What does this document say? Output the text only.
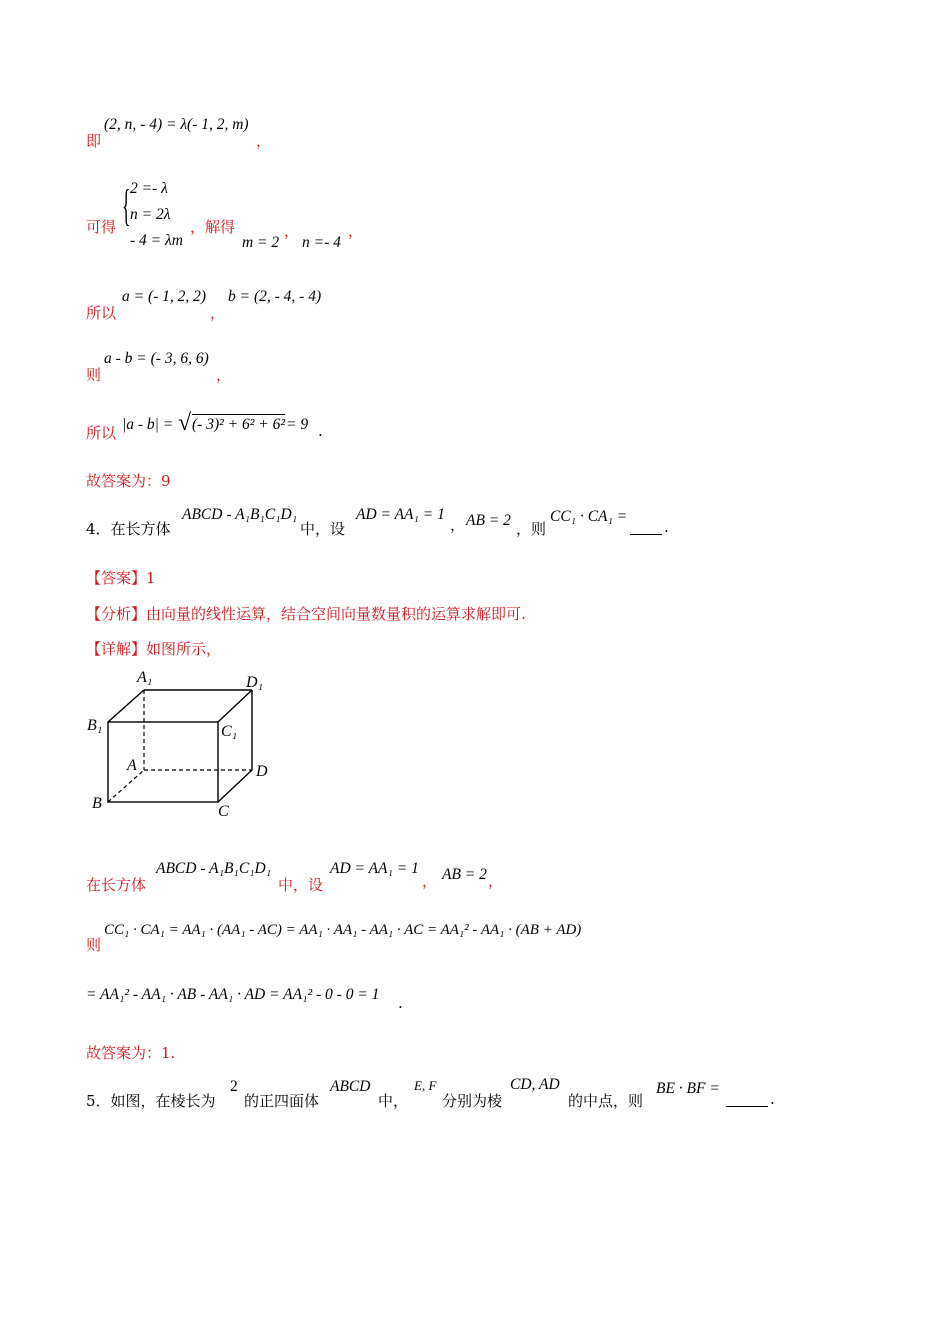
即
(2, n, - 4) = λ(- 1, 2, m)
，
可得 { 2 =- λ
n = 2λ
- 4 = λm
，解得
m = 2
，
n =- 4
，
所以
a = (- 1, 2, 2)
，
b = (2, - 4, - 4)
则
a - b = (- 3, 6, 6)
，
所以 |a - b| = √ (- 3)² + 6² + 6² = 9 .
故答案为：9
4．在长方体
ABCD - A₁B₁C₁D₁
中，设
AD = AA₁ = 1
， AB = 2 ，则
CC₁ · CA₁ =
.
【答案】1
【分析】由向量的线性运算，结合空间向量数量积的运算求解即可.
【详解】如图所示，
A₁	D₁
B₁	C₁
A	D
B	C
在长方体
ABCD - A₁B₁C₁D₁
中，设
AD = AA₁ = 1
， AB = 2 ，
则
CC₁ · CA₁ = AA₁ · (AA₁ - AC) = AA₁ · AA₁ - AA₁ · AC = AA₁² - AA₁ · (AB + AD)
= AA₁² - AA₁ · AB - AA₁ · AD = AA₁² - 0 - 0 = 1 .
故答案为：1.
5．如图，在棱长为
2
的正四面体
ABCD
中，
E, F
分别为棱
CD, AD
的中点，则
BE · BF =
.
